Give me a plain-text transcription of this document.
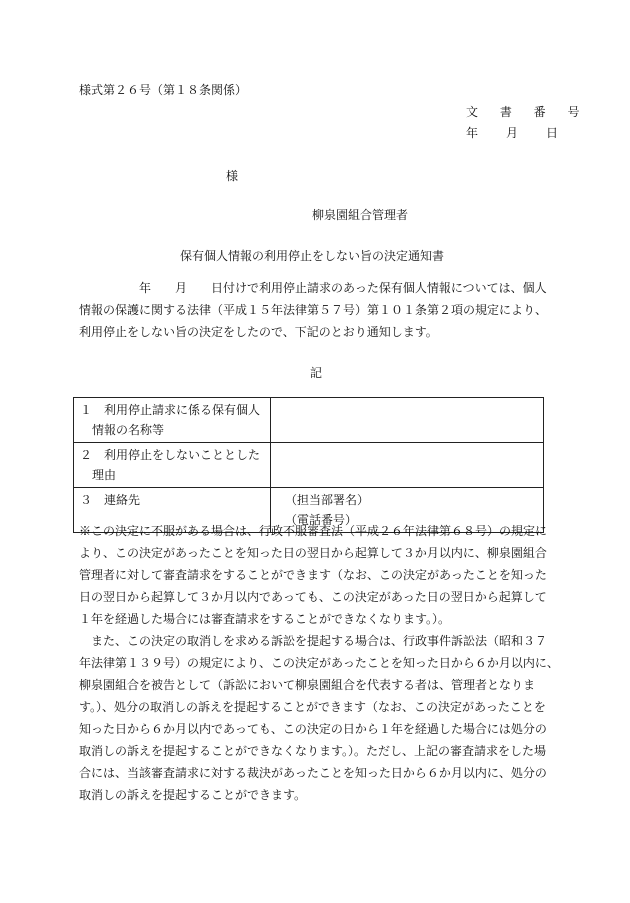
様式第２６号（第１８条関係）
文 書 番 号
年 月 日
様
柳泉園組合管理者
保有個人情報の利用停止をしない旨の決定通知書
　　　　　年　　月　　日付けで利用停止請求のあった保有個人情報については、個人
情報の保護に関する法律（平成１５年法律第５７号）第１０１条第２項の規定により、
利用停止をしない旨の決定をしたので、下記のとおり通知します。
記
１　利用停止請求に係る保有個人
　情報の名称等	

２　利用停止をしないこととした
　理由	

３　連絡先	（担当部署名）
（電話番号）
※この決定に不服がある場合は、行政不服審査法（平成２６年法律第６８号）の規定に
より、この決定があったことを知った日の翌日から起算して３か月以内に、柳泉園組合
管理者に対して審査請求をすることができます（なお、この決定があったことを知った
日の翌日から起算して３か月以内であっても、この決定があった日の翌日から起算して
１年を経過した場合には審査請求をすることができなくなります。）。
　また、この決定の取消しを求める訴訟を提起する場合は、行政事件訴訟法（昭和３７
年法律第１３９号）の規定により、この決定があったことを知った日から６か月以内に、
柳泉園組合を被告として（訴訟において柳泉園組合を代表する者は、管理者となりま
す。）、処分の取消しの訴えを提起することができます（なお、この決定があったことを
知った日から６か月以内であっても、この決定の日から１年を経過した場合には処分の
取消しの訴えを提起することができなくなります。）。ただし、上記の審査請求をした場
合には、当該審査請求に対する裁決があったことを知った日から６か月以内に、処分の
取消しの訴えを提起することができます。
